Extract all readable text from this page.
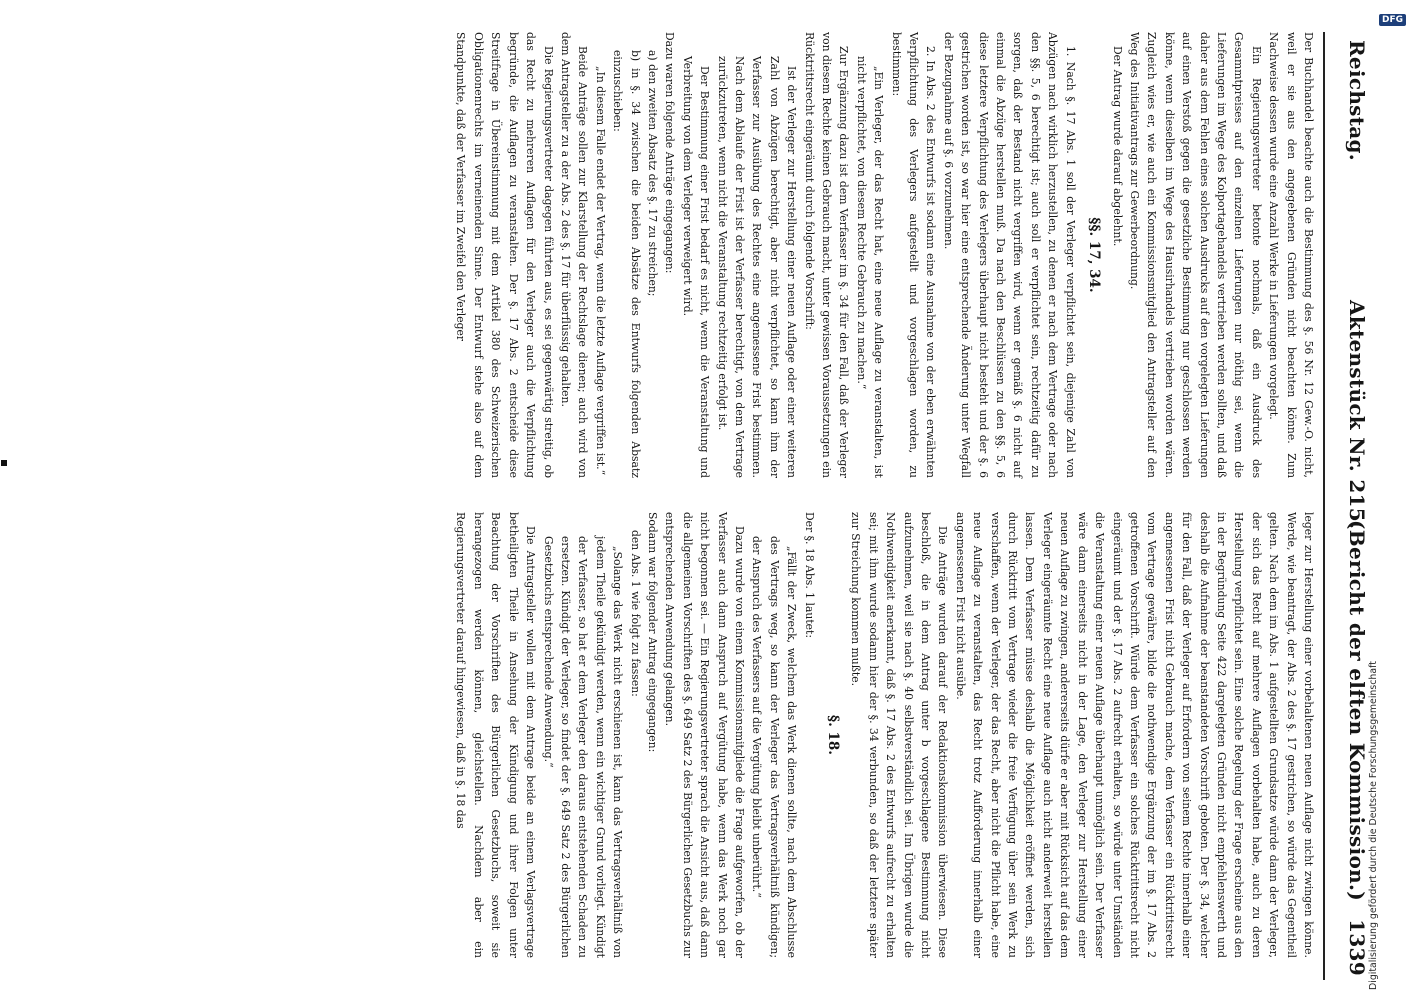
Reichstag.
Aktenstück Nr. 215.
(Bericht der elften Kommission.)
1339

Der Buchhandel beachte auch die Bestimmung des §. 56 Nr. 12 Gew.-O. nicht, weil er sie aus den angegebenen Gründen nicht beachten könne. Zum Nachweise dessen wurde eine Anzahl Werke in Lieferungen vorgelegt.

Ein Regierungsvertreter betonte nochmals, daß ein Ausdruck des Gesammtpreises auf den einzelnen Lieferungen nur nöthig sei, wenn die Lieferungen im Wege des Kolportagehandels vertrieben werden sollten, und daß daher aus dem Fehlen eines solchen Ausdrucks auf den vorgelegten Lieferungen auf einen Verstoß gegen die gesetzliche Bestimmung nur geschlossen werden könne, wenn dieselben im Wege des Hausirhandels vertrieben worden wären. Zugleich wies er, wie auch ein Kommissionsmitglied den Antragsteller auf den Weg des Initiativantrags zur Gewerbeordnung.

Der Antrag wurde darauf abgelehnt.

§§. 17, 34.

1. Nach §. 17 Abs. 1 soll der Verleger verpflichtet sein, diejenige Zahl von Abzügen nach wirklich herzustellen, zu denen er nach dem Vertrage oder nach den §§. 5, 6 berechtigt ist; auch soll er verpflichtet sein, rechtzeitig dafür zu sorgen, daß der Bestand nicht vergriffen wird, wenn er gemäß §. 6 nicht auf einmal die Abzüge herstellen muß. Da nach den Beschlüssen zu den §§. 5, 6 diese letztere Verpflichtung des Verlegers überhaupt nicht besteht und der §. 6 gestrichen worden ist, so war hier eine entsprechende Änderung unter Wegfall der Bezugnahme auf §. 6 vorzunehmen.

2. In Abs. 2 des Entwurfs ist sodann eine Ausnahme von der eben erwähnten Verpflichtung des Verlegers aufgestellt und vorgeschlagen worden, zu bestimmen:

„Ein Verleger, der das Recht hat, eine neue Auflage zu veranstalten, ist nicht verpflichtet, von diesem Rechte Gebrauch zu machen.“

Zur Ergänzung dazu ist dem Verfasser im §. 34 für den Fall, daß der Verleger von diesem Rechte keinen Gebrauch macht, unter gewissen Voraussetzungen ein Rücktrittsrecht eingeräumt durch folgende Vorschrift:

Ist der Verleger zur Herstellung einer neuen Auflage oder einer weiteren Zahl von Abzügen berechtigt, aber nicht verpflichtet, so kann ihm der Verfasser zur Ausübung des Rechtes eine angemessene Frist bestimmen. Nach dem Ablaufe der Frist ist der Verfasser berechtigt, von dem Vertrage zurückzutreten, wenn nicht die Veranstaltung rechtzeitig erfolgt ist.

Der Bestimmung einer Frist bedarf es nicht, wenn die Veranstaltung und Verbreitung von dem Verleger verweigert wird.

Dazu waren folgende Anträge eingegangen:

a) den zweiten Absatz des §. 17 zu streichen;

b) in §. 34 zwischen die beiden Absätze des Entwurfs folgenden Absatz einzuschieben:

„In diesem Falle endet der Vertrag, wenn die letzte Auflage vergriffen ist.“

Beide Anträge sollen zur Klarstellung der Rechtslage dienen; auch wird von dem Antragsteller zu a der Abs. 2 des §. 17 für überflüssig gehalten.

Die Regierungsvertreter dagegen führten aus, es sei gegenwärtig streitig, ob das Recht zu mehreren Auflagen für den Verleger auch die Verpflichtung begründe, die Auflagen zu veranstalten. Der §. 17 Abs. 2 entscheide diese Streitfrage in Übereinstimmung mit dem Artikel 380 des Schweizerischen Obligationenrechts im verneinenden Sinne. Der Entwurf stehe also auf dem Standpunkte, daß der Verfasser im Zweifel den Verleger

leger zur Herstellung einer vorbehaltenen neuen Auflage nicht zwingen könne. Werde, wie beantragt, der Abs. 2 des §. 17 gestrichen, so würde das Gegentheil gelten. Nach dem im Abs. 1 aufgestellten Grundsatze würde dann der Verleger, der sich das Recht auf mehrere Auflagen vorbehalten habe, auch zu deren Herstellung verpflichtet sein. Eine solche Regelung der Frage erscheine aus den in der Begründung Seite 422 dargelegten Gründen nicht empfehlenswerth und deshalb die Aufnahme der beanstandeten Vorschrift geboten. Der §. 34, welcher für den Fall, daß der Verleger auf Erfordern von seinem Rechte innerhalb einer angemessenen Frist nicht Gebrauch mache, dem Verfasser ein Rücktrittsrecht vom Vertrage gewähre, bilde die nothwendige Ergänzung der im §. 17 Abs. 2 getroffenen Vorschrift. Würde dem Verfasser ein solches Rücktrittsrecht nicht eingeräumt und der §. 17 Abs. 2 aufrecht erhalten, so würde unter Umständen die Veranstaltung einer neuen Auflage überhaupt unmöglich sein. Der Verfasser wäre dann einerseits nicht in der Lage, den Verleger zur Herstellung einer neuen Auflage zu zwingen, andererseits dürfe er aber mit Rücksicht auf das dem Verleger eingeräumte Recht eine neue Auflage auch nicht anderweit herstellen lassen. Dem Verfasser müsse deshalb die Möglichkeit eröffnet werden, sich durch Rücktritt vom Vertrage wieder die freie Verfügung über sein Werk zu verschaffen, wenn der Verleger, der das Recht, aber nicht die Pflicht habe, eine neue Auflage zu veranstalten, das Recht trotz Aufforderung innerhalb einer angemessenen Frist nicht ausübe.

Die Anträge wurden darauf der Redaktionskommission überwiesen. Diese beschloß, die in dem Antrag unter b vorgeschlagene Bestimmung nicht aufzunehmen, weil sie nach §. 40 selbstverständlich sei. Im Übrigen wurde die Nothwendigkeit anerkannt, daß §. 17 Abs. 2 des Entwurfs aufrecht zu erhalten sei; mit ihm wurde sodann hier der §. 34 verbunden, so daß der letztere später zur Streichung kommen mußte.

§. 18.

Der §. 18 Abs. 1 lautet:

„Fällt der Zweck, welchem das Werk dienen sollte, nach dem Abschlusse des Vertrags weg, so kann der Verleger das Vertragsverhältniß kündigen; der Anspruch des Verfassers auf die Vergütung bleibt unberührt.“

Dazu wurde von einem Kommissionsmitgliede die Frage aufgeworfen, ob der Verfasser auch dann Anspruch auf Vergütung habe, wenn das Werk noch gar nicht begonnen sei. — Ein Regierungsvertreter sprach die Ansicht aus, daß dann die allgemeinen Vorschriften des §. 649 Satz 2 des Bürgerlichen Gesetzbuchs zur entsprechenden Anwendung gelangen.

Sodann war folgender Antrag eingegangen:

den Abs. 1 wie folgt zu fassen:

„Solange das Werk nicht erschienen ist, kann das Vertragsverhältniß von jedem Theile gekündigt werden, wenn ein wichtiger Grund vorliegt. Kündigt der Verfasser, so hat er dem Verleger den daraus entstehenden Schaden zu ersetzen. Kündigt der Verleger, so findet der §. 649 Satz 2 des Bürgerlichen Gesetzbuchs entsprechende Anwendung.“

Die Antragsteller wollen mit dem Antrage beide an einem Verlagsvertrage betheiligten Theile in Ansehung der Kündigung und ihrer Folgen unter Beachtung der Vorschriften des Bürgerlichen Gesetzbuchs, soweit sie herangezogen werden können, gleichstellen. Nachdem aber ein Regierungsvertreter darauf hingewiesen, daß in §. 18 das	Digitalisierung gefördert durch die Deutsche Forschungsgemeinschaft
DFG
